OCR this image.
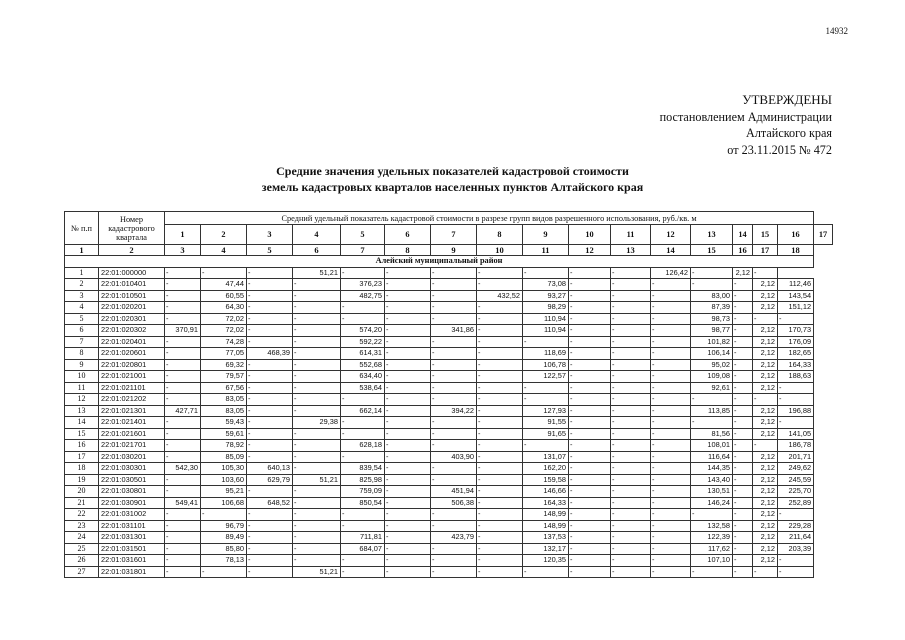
14932
УТВЕРЖДЕНЫ
постановлением Администрации
Алтайского края
от 23.11.2015 № 472
Средние значения удельных показателей кадастровой стоимости
земель кадастровых кварталов населенных пунктов Алтайского края
№ п.п	Номер кадастрового квартала	Средний удельный показатель кадастровой стоимости в разрезе групп видов разрешенного использования, руб./кв. м																
		1	2	3	4	5	6	7	8	9	10	11	12	13	14	15	16	17
1	2	3	4	5	6	7	8	9	10	11	12	13	14	15	16	17	18	
Алейский муниципальный район																		
1	22:01:000000	-	-	-	51,21	-	-	-	-	-	-	-	126,42	-	2,12	-		
2	22:01:010401	-	47,44	-	-	376,23	-	-	-	73,08	-	-	-	-	-	2,12	112,46	
3	22:01:010501	-	60,55	-	-	482,75	-	-	432,52	93,27	-	-	-	83,00	-	2,12	143,54	
4	22:01:020201	-	64,30	-	-	-	-	-	-	98,29	-	-	-	87,39	-	2,12	151,12	
5	22:01:020301	-	72,02	-	-	-	-	-	-	110,94	-	-	-	98,73	-	-	-	
6	22:01:020302	370,91	72,02	-	-	574,20	-	341,86	-	110,94	-	-	-	98,77	-	2,12	170,73	
7	22:01:020401	-	74,28	-	-	592,22	-	-	-	-	-	-	-	101,82	-	2,12	176,09	
8	22:01:020601	-	77,05	468,39	-	614,31	-	-	-	118,69	-	-	-	106,14	-	2,12	182,65	
9	22:01:020801	-	69,32	-	-	552,68	-	-	-	106,78	-	-	-	95,02	-	2,12	164,33	
10	22:01:021001	-	79,57	-	-	634,40	-	-	-	122,57	-	-	-	109,08	-	2,12	188,63	
11	22:01:021101	-	67,56	-	-	538,64	-	-	-	-	-	-	-	92,61	-	2,12	-	
12	22:01:021202	-	83,05	-	-	-	-	-	-	-	-	-	-	-	-	-	-	
13	22:01:021301	427,71	83,05	-	-	662,14	-	394,22	-	127,93	-	-	-	113,85	-	2,12	196,88	
14	22:01:021401	-	59,43	-	29,38	-	-	-	-	91,55	-	-	-	-	-	2,12	-	
15	22:01:021601	-	59,61	-	-	-	-	-	-	91,65	-	-	-	81,56	-	2,12	141,05	
16	22:01:021701	-	78,92	-	-	628,18	-	-	-	-	-	-	-	108,01	-	-	186,78	
17	22:01:030201	-	85,09	-	-	-	-	403,90	-	131,07	-	-	-	116,64	-	2,12	201,71	
18	22:01:030301	542,30	105,30	640,13	-	839,54	-	-	-	162,20	-	-	-	144,35	-	2,12	249,62	
19	22:01:030501	-	103,60	629,79	51,21	825,98	-	-	-	159,58	-	-	-	143,40	-	2,12	245,59	
20	22:01:030801	-	95,21	-	-	759,09	-	451,94	-	146,66	-	-	-	130,51	-	2,12	225,70	
21	22:01:030901	549,41	106,68	648,52	-	850,54	-	506,38	-	164,33	-	-	-	146,24	-	2,12	252,89	
22	22:01:031002	-	-	-	-	-	-	-	-	148,99	-	-	-	-	-	2,12	-	
23	22:01:031101	-	96,79	-	-	-	-	-	-	148,99	-	-	-	132,58	-	2,12	229,28	
24	22:01:031301	-	89,49	-	-	711,81	-	423,79	-	137,53	-	-	-	122,39	-	2,12	211,64	
25	22:01:031501	-	85,80	-	-	684,07	-	-	-	132,17	-	-	-	117,62	-	2,12	203,39	
26	22:01:031601	-	78,13	-	-	-	-	-	-	120,35	-	-	-	107,10	-	2,12	-	
27	22:01:031801	-	-	-	51,21	-	-	-	-	-	-	-	-	-	-	-	-	
